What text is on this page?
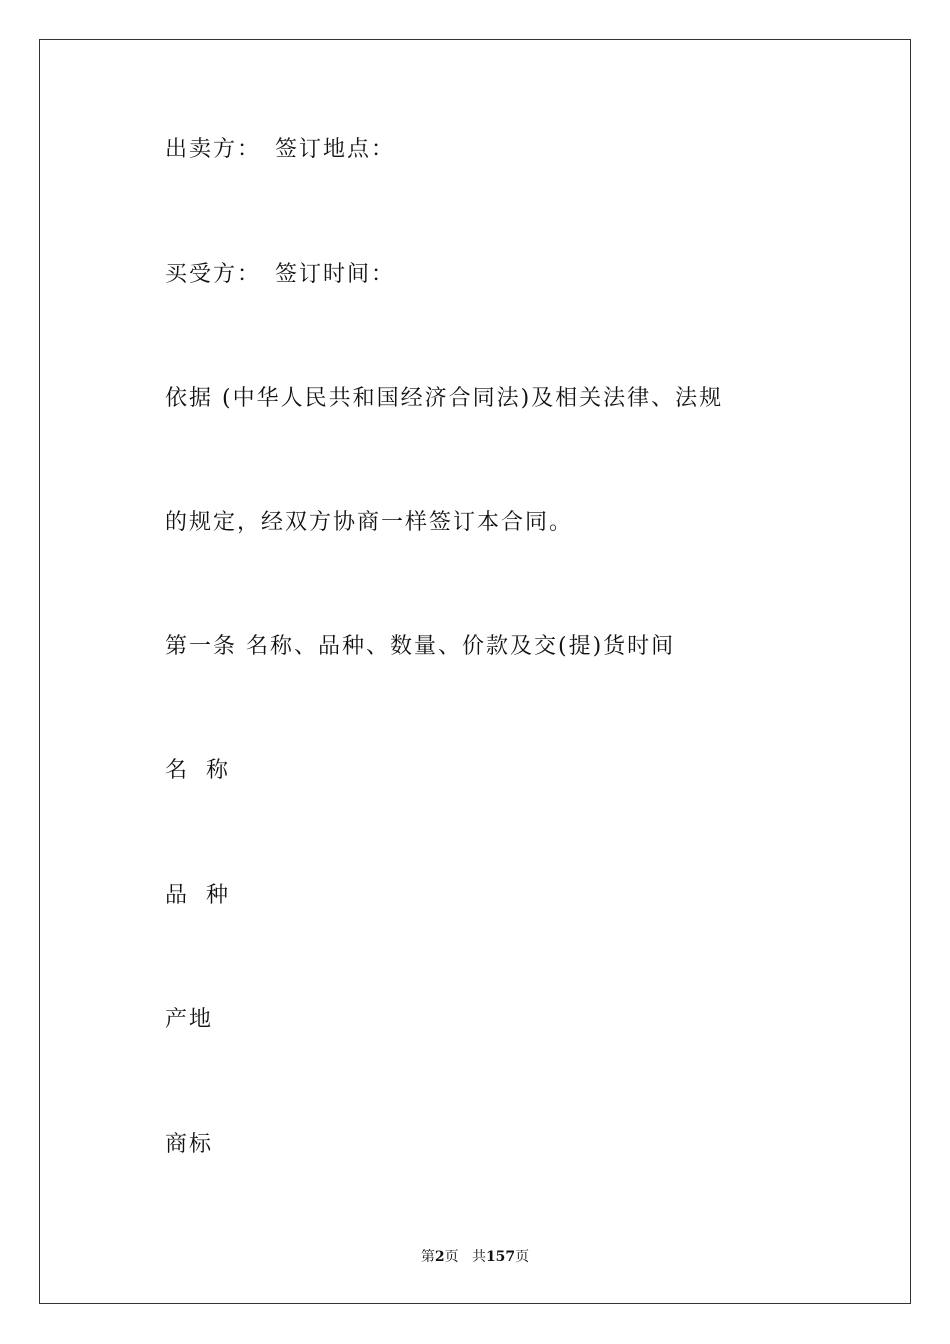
出卖方： 签订地点：
买受方： 签订时间：
依据 (中华人民共和国经济合同法)及相关法律、法规
的规定，经双方协商一样签订本合同。
第一条 名称、品种、数量、价款及交(提)货时间
名 称
品 种
产地
商标
第2页 共157页
